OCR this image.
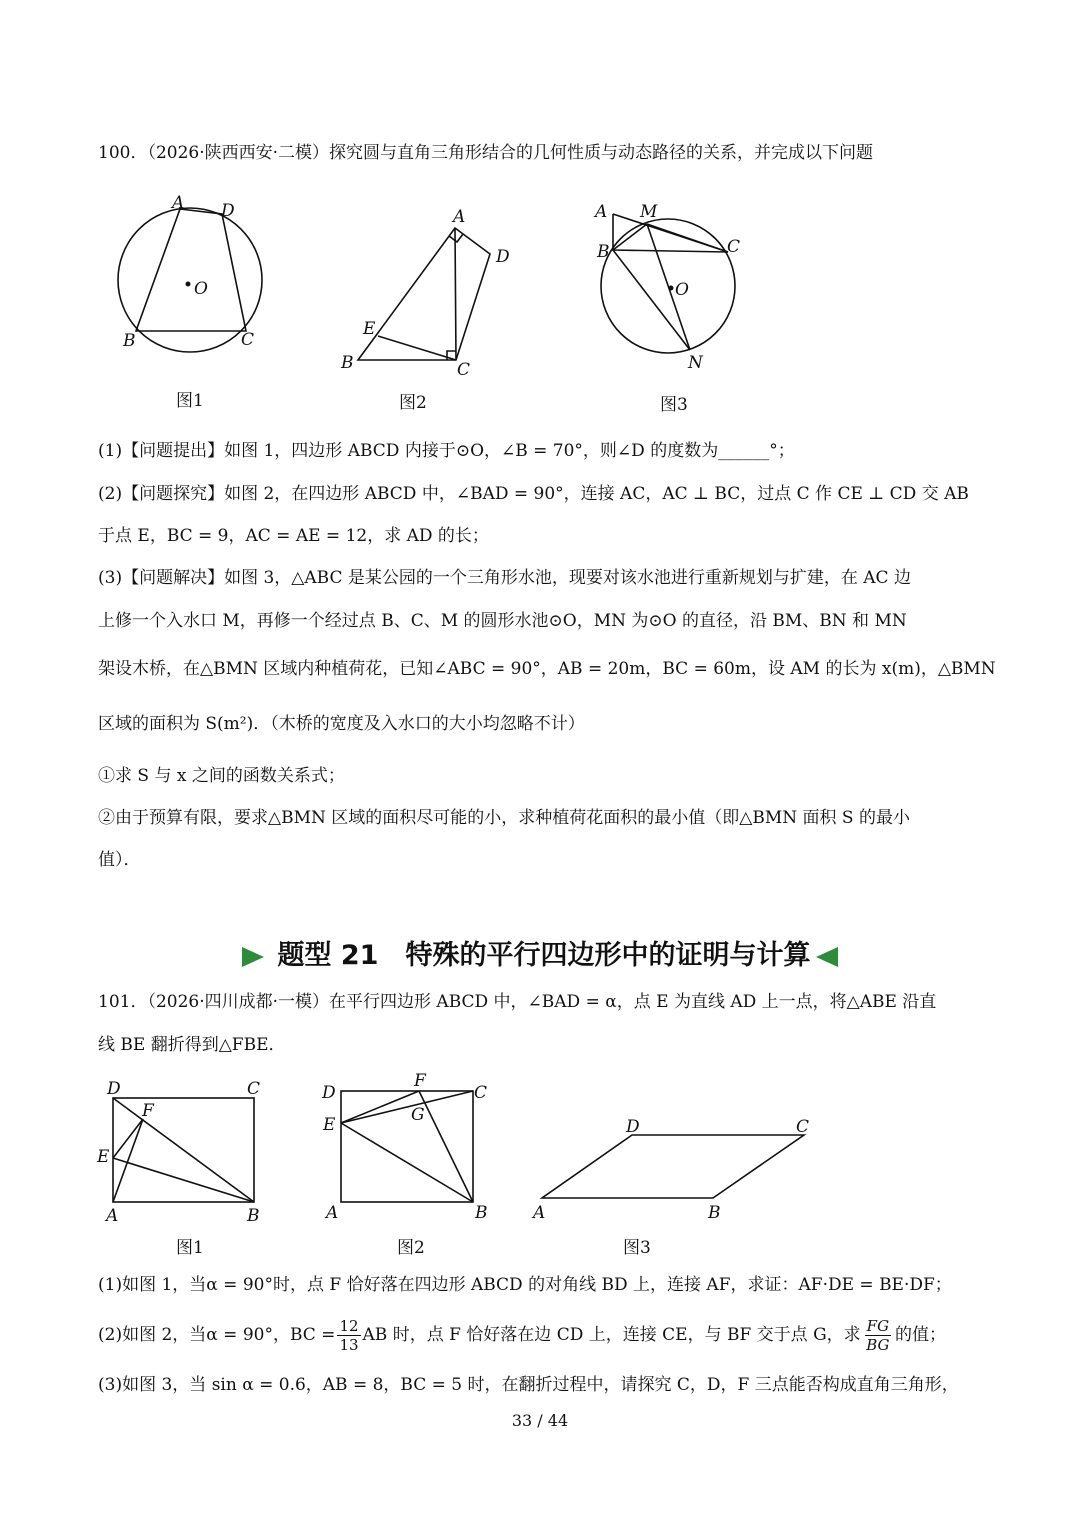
100．（2026·陕西西安·二模）探究圆与直角三角形结合的几何性质与动态路径的关系，并完成以下问题
A D
O
B	C
A
D
E
B	C
A M
B	C
O
N
图1	图2	图3
(1)【问题提出】如图 1，四边形 ABCD 内接于⊙O，∠B = 70°，则∠D 的度数为______°；
(2)【问题探究】如图 2，在四边形 ABCD 中，∠BAD = 90°，连接 AC，AC ⊥ BC，过点 C 作 CE ⊥ CD 交 AB
于点 E，BC = 9，AC = AE = 12，求 AD 的长；
(3)【问题解决】如图 3，△ABC 是某公园的一个三角形水池，现要对该水池进行重新规划与扩建，在 AC 边
上修一个入水口 M，再修一个经过点 B、C、M 的圆形水池⊙O，MN 为⊙O 的直径，沿 BM、BN 和 MN
架设木桥，在△BMN 区域内种植荷花，已知∠ABC = 90°，AB = 20m，BC = 60m，设 AM 的长为 x(m)，△BMN
区域的面积为 S(m²)．（木桥的宽度及入水口的大小均忽略不计）
①求 S 与 x 之间的函数关系式；
②由于预算有限，要求△BMN 区域的面积尽可能的小，求种植荷花面积的最小值（即△BMN 面积 S 的最小
值）．
题型 21　特殊的平行四边形中的证明与计算
101．（2026·四川成都·一模）在平行四边形 ABCD 中，∠BAD = α，点 E 为直线 AD 上一点，将△ABE 沿直
线 BE 翻折得到△FBE．
D	C
F
E
A	B
D
F
C
G
E
A	B
D	C
A	B
图1	图2	图3
(1)如图 1，当α = 90°时，点 F 恰好落在四边形 ABCD 的对角线 BD 上，连接 AF，求证：AF·DE = BE·DF；
(2)如图 2，当α = 90°，BC = $\frac{12}{13}$ AB 时，点 F 恰好落在边 CD 上，连接 CE，与 BF 交于点 G，求 $\frac{FG}{BG}$ 的值；
(3)如图 3，当 sin α = 0.6，AB = 8，BC = 5 时，在翻折过程中，请探究 C，D，F 三点能否构成直角三角形，
33 / 44
